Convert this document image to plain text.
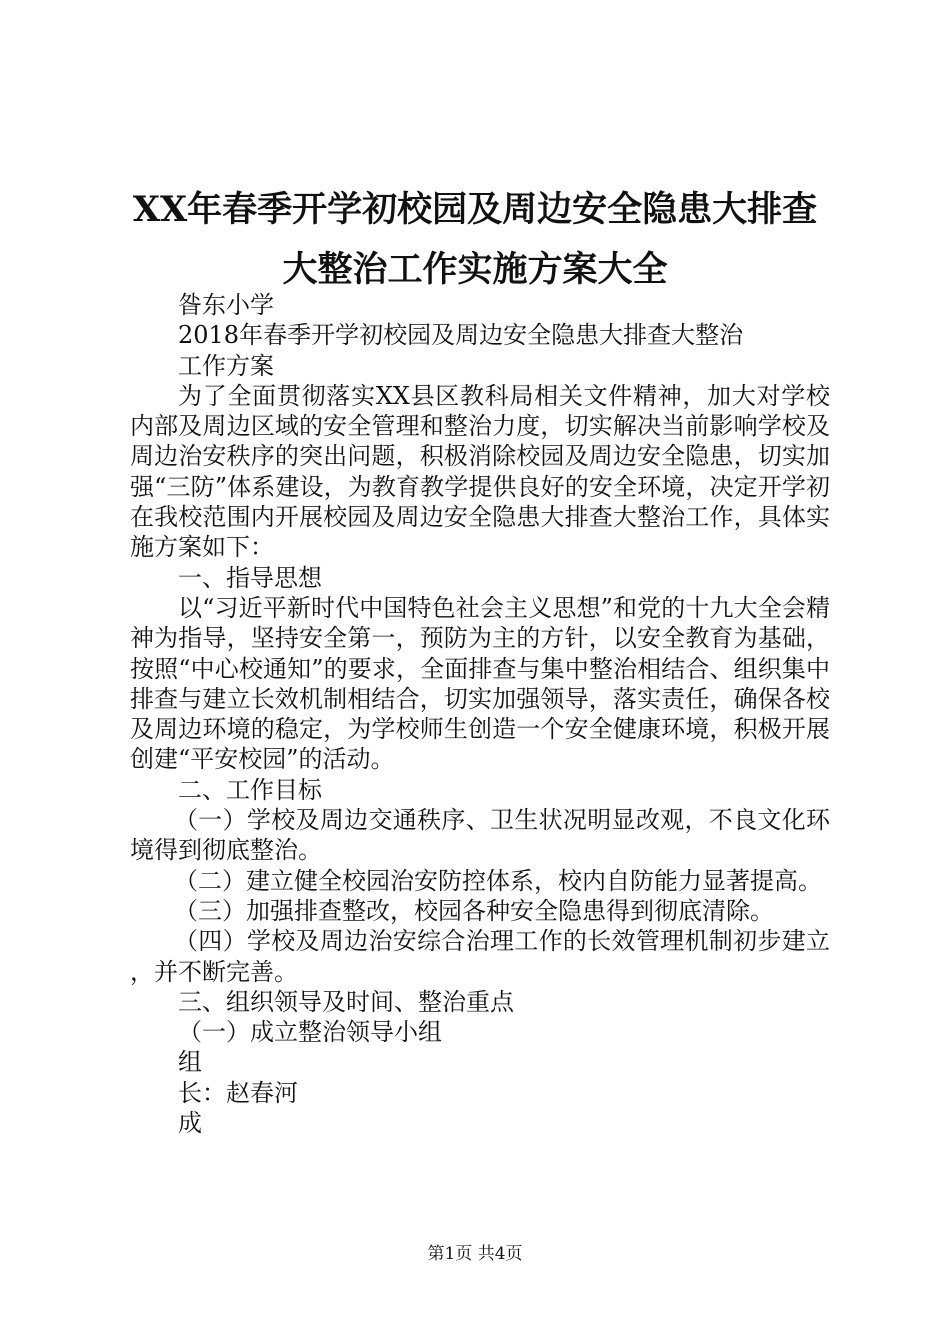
XX年春季开学初校园及周边安全隐患大排查
大整治工作实施方案大全

昝东小学

2018年春季开学初校园及周边安全隐患大排查大整治

工作方案

为了全面贯彻落实XX县区教科局相关文件精神，加大对学校内部及周边区域的安全管理和整治力度，切实解决当前影响学校及周边治安秩序的突出问题，积极消除校园及周边安全隐患，切实加强“三防”体系建设，为教育教学提供良好的安全环境，决定开学初在我校范围内开展校园及周边安全隐患大排查大整治工作，具体实施方案如下：

一、指导思想

以“习近平新时代中国特色社会主义思想”和党的十九大全会精神为指导，坚持安全第一，预防为主的方针，以安全教育为基础，按照“中心校通知”的要求，全面排查与集中整治相结合、组织集中排查与建立长效机制相结合，切实加强领导，落实责任，确保各校及周边环境的稳定，为学校师生创造一个安全健康环境，积极开展创建“平安校园”的活动。

二、工作目标

（一）学校及周边交通秩序、卫生状况明显改观，不良文化环境得到彻底整治。

（二）建立健全校园治安防控体系，校内自防能力显著提高。

（三）加强排查整改，校园各种安全隐患得到彻底清除。

（四）学校及周边治安综合治理工作的长效管理机制初步建立，并不断完善。

三、组织领导及时间、整治重点

（一）成立整治领导小组

组

长：赵春河

成

第1页 共4页
